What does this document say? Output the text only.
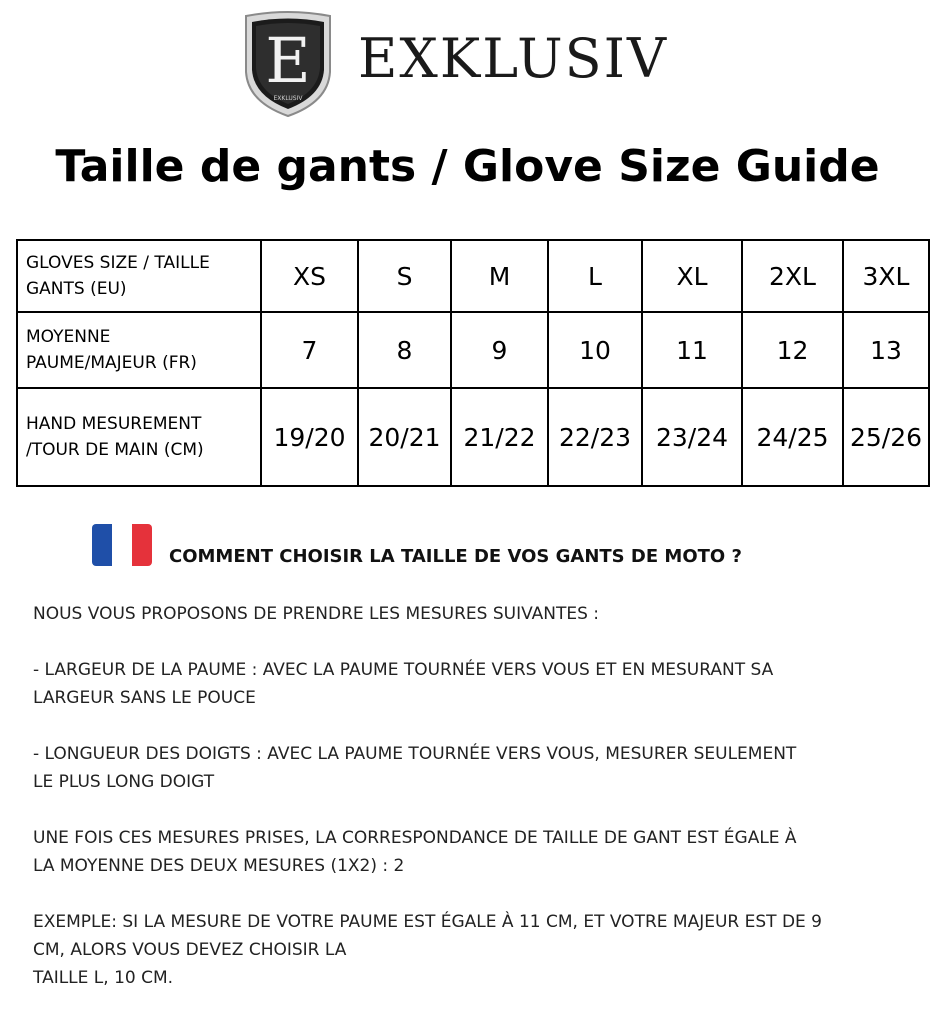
E
EXKLUSIV
EXKLUSIV
Taille de gants / Glove Size Guide
GLOVES SIZE / TAILLE
GANTS (EU)	XS	S	M	L	XL	2XL	3XL
MOYENNE
PAUME/MAJEUR (FR)	7	8	9	10	11	12	13
HAND MESUREMENT
/TOUR DE MAIN (CM)	19/20	20/21	21/22	22/23	23/24	24/25	25/26
COMMENT CHOISIR LA TAILLE DE VOS GANTS DE MOTO ?

NOUS VOUS PROPOSONS DE PRENDRE LES MESURES SUIVANTES :

- LARGEUR DE LA PAUME : AVEC LA PAUME TOURNÉE VERS VOUS ET EN MESURANT SA
LARGEUR SANS LE POUCE

- LONGUEUR DES DOIGTS : AVEC LA PAUME TOURNÉE VERS VOUS, MESURER SEULEMENT
LE PLUS LONG DOIGT

UNE FOIS CES MESURES PRISES, LA CORRESPONDANCE DE TAILLE DE GANT EST ÉGALE À
LA MOYENNE DES DEUX MESURES (1X2) : 2

EXEMPLE: SI LA MESURE DE VOTRE PAUME EST ÉGALE À 11 CM, ET VOTRE MAJEUR EST DE 9
CM, ALORS VOUS DEVEZ CHOISIR LA
TAILLE L, 10 CM.
